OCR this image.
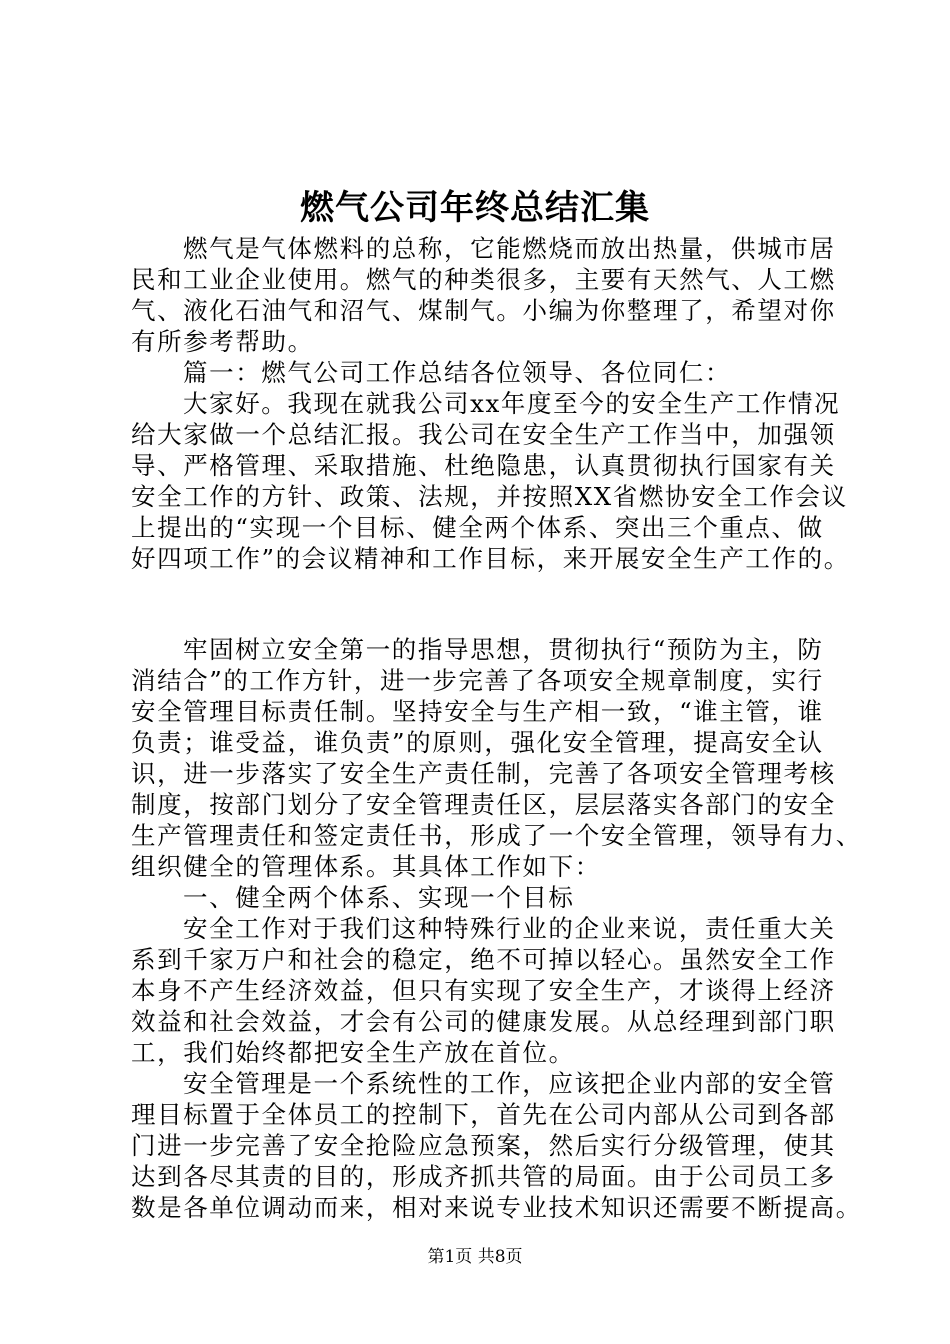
燃气公司年终总结汇集
燃气是气体燃料的总称，它能燃烧而放出热量，供城市居
民和工业企业使用。燃气的种类很多，主要有天然气、人工燃
气、液化石油气和沼气、煤制气。小编为你整理了，希望对你
有所参考帮助。
篇一：燃气公司工作总结各位领导、各位同仁：
大家好。我现在就我公司xx年度至今的安全生产工作情况
给大家做一个总结汇报。我公司在安全生产工作当中，加强领
导、严格管理、采取措施、杜绝隐患，认真贯彻执行国家有关
安全工作的方针、政策、法规，并按照XX省燃协安全工作会议
上提出的“实现一个目标、健全两个体系、突出三个重点、做
好四项工作”的会议精神和工作目标，来开展安全生产工作的。
牢固树立安全第一的指导思想，贯彻执行“预防为主，防
消结合”的工作方针，进一步完善了各项安全规章制度，实行
安全管理目标责任制。坚持安全与生产相一致，“谁主管，谁
负责；谁受益，谁负责”的原则，强化安全管理，提高安全认
识，进一步落实了安全生产责任制，完善了各项安全管理考核
制度，按部门划分了安全管理责任区，层层落实各部门的安全
生产管理责任和签定责任书，形成了一个安全管理，领导有力、
组织健全的管理体系。其具体工作如下：
一、健全两个体系、实现一个目标
安全工作对于我们这种特殊行业的企业来说，责任重大关
系到千家万户和社会的稳定，绝不可掉以轻心。虽然安全工作
本身不产生经济效益，但只有实现了安全生产，才谈得上经济
效益和社会效益，才会有公司的健康发展。从总经理到部门职
工，我们始终都把安全生产放在首位。
安全管理是一个系统性的工作，应该把企业内部的安全管
理目标置于全体员工的控制下，首先在公司内部从公司到各部
门进一步完善了安全抢险应急预案，然后实行分级管理，使其
达到各尽其责的目的，形成齐抓共管的局面。由于公司员工多
数是各单位调动而来，相对来说专业技术知识还需要不断提高。
第1页 共8页
